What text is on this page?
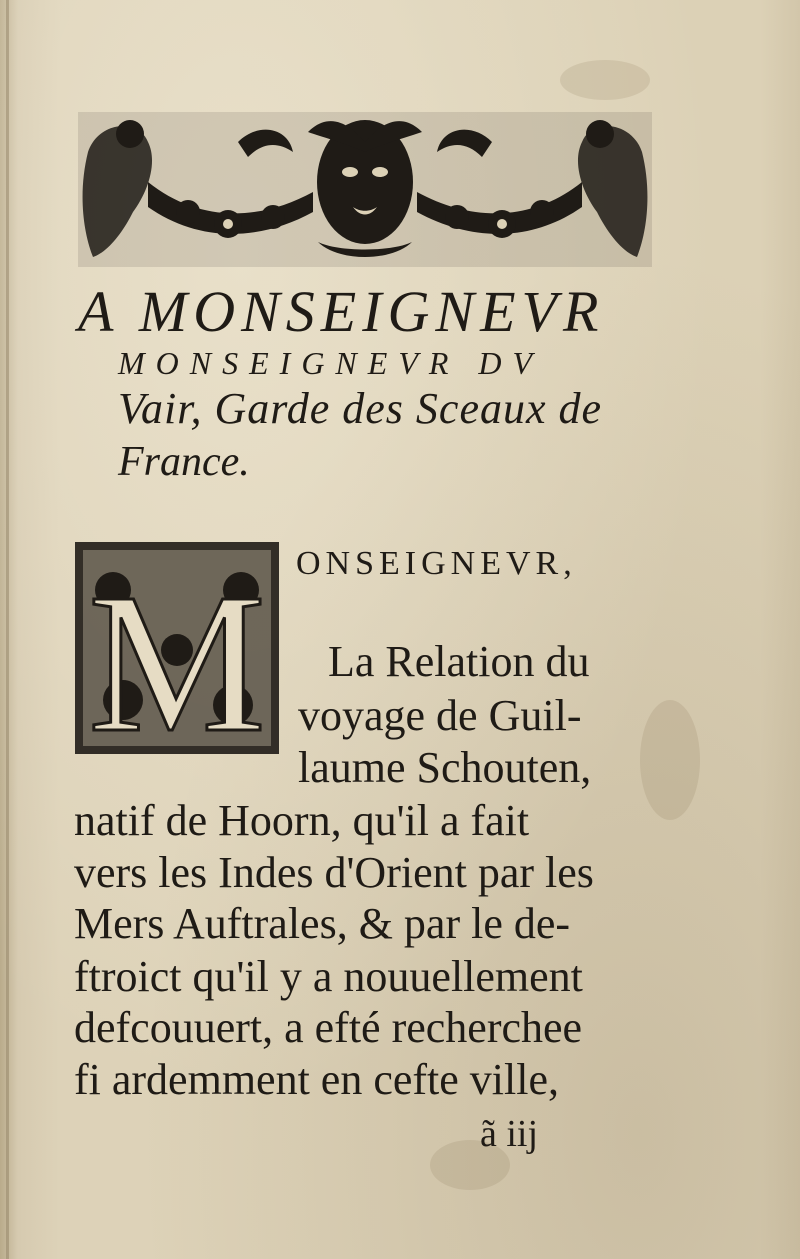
A MONSEIGNEVR
MONSEIGNEVR DV
Vair, Garde des Sceaux de
France.
M ONSEIGNEVR,
La Relation du
voyage de Guil-
laume Schouten,
natif de Hoorn, qu'il a fait
vers les Indes d'Orient par les
Mers Auftrales, & par le de-
ftroict qu'il y a nouuellement
defcouuert, a efté recherchee
fi ardemment en cefte ville,
ã iij
